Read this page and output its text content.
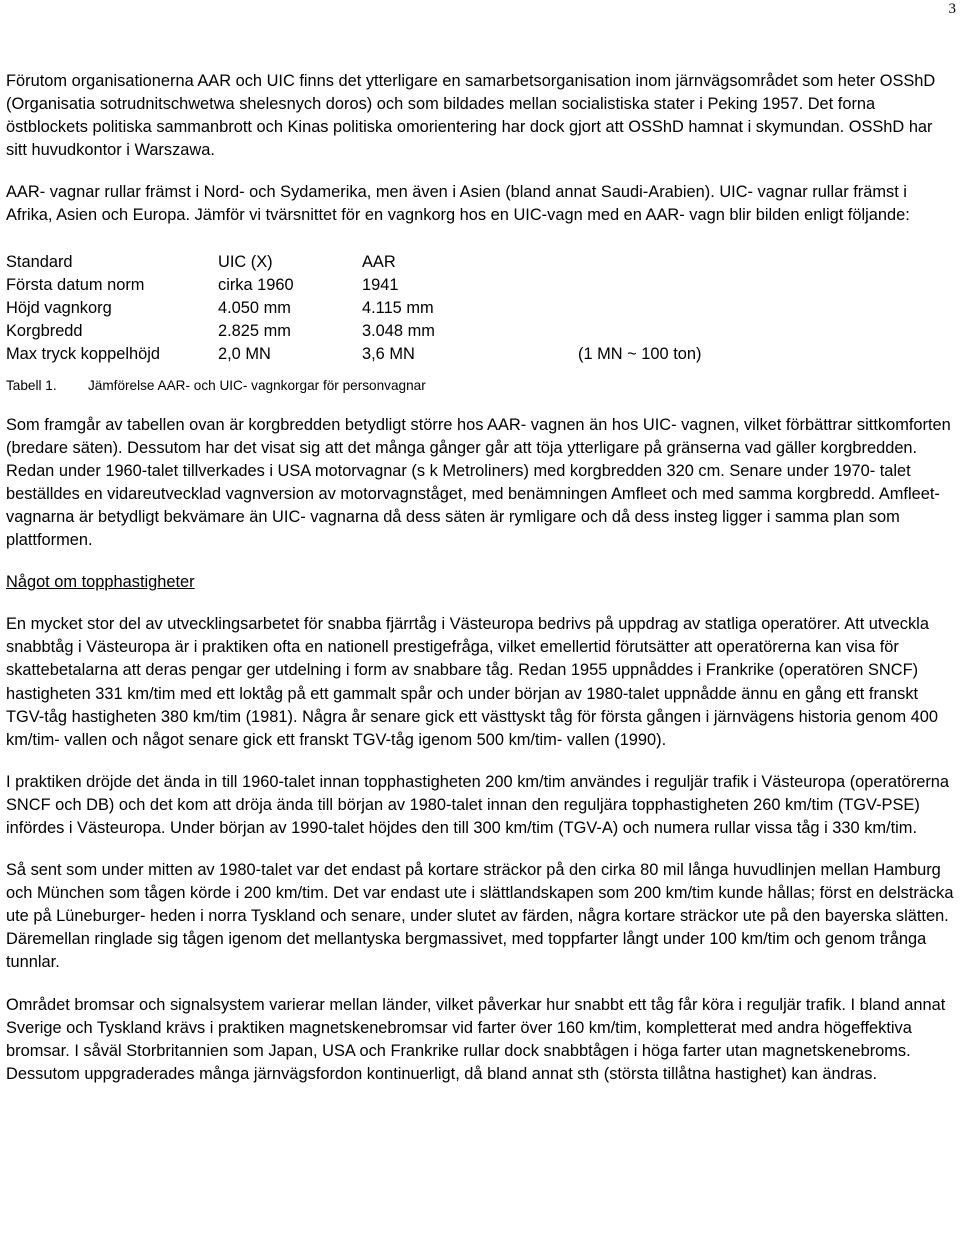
3

Förutom organisationerna AAR och UIC finns det ytterligare en samarbetsorganisation inom järnvägsområdet som heter OSShD (Organisatia sotrudnitschwetwa shelesnych doros) och som bildades mellan socialistiska stater i Peking 1957. Det forna östblockets politiska sammanbrott och Kinas politiska omorientering har dock gjort att OSShD hamnat i skymundan. OSShD har sitt huvudkontor i Warszawa.

AAR- vagnar rullar främst i Nord- och Sydamerika, men även i Asien (bland annat Saudi-Arabien). UIC- vagnar rullar främst i Afrika, Asien och Europa. Jämför vi tvärsnittet för en vagnkorg hos en UIC-vagn med en AAR- vagn blir bilden enligt följande:

Standard	UIC (X)	AAR	
Första datum norm	cirka 1960	1941	
Höjd vagnkorg	4.050 mm	4.115 mm	
Korgbredd	2.825 mm	3.048 mm	
Max tryck koppelhöjd	2,0 MN	3,6 MN	(1 MN ~ 100 ton)
Tabell 1. Jämförelse AAR- och UIC- vagnkorgar för personvagnar

Som framgår av tabellen ovan är korgbredden betydligt större hos AAR- vagnen än hos UIC- vagnen, vilket förbättrar sittkomforten (bredare säten). Dessutom har det visat sig att det många gånger går att töja ytterligare på gränserna vad gäller korgbredden. Redan under 1960-talet tillverkades i USA motorvagnar (s k Metroliners) med korgbredden 320 cm. Senare under 1970- talet beställdes en vidareutvecklad vagnversion av motorvagnståget, med benämningen Amfleet och med samma korgbredd. Amfleet-vagnarna är betydligt bekvämare än UIC- vagnarna då dess säten är rymligare och då dess insteg ligger i samma plan som plattformen.

Något om topphastigheter

En mycket stor del av utvecklingsarbetet för snabba fjärrtåg i Västeuropa bedrivs på uppdrag av statliga operatörer. Att utveckla snabbtåg i Västeuropa är i praktiken ofta en nationell prestigefråga, vilket emellertid förutsätter att operatörerna kan visa för skattebetalarna att deras pengar ger utdelning i form av snabbare tåg. Redan 1955 uppnåddes i Frankrike (operatören SNCF) hastigheten 331 km/tim med ett loktåg på ett gammalt spår och under början av 1980-talet uppnådde ännu en gång ett franskt TGV-tåg hastigheten 380 km/tim (1981). Några år senare gick ett västtyskt tåg för första gången i järnvägens historia genom 400 km/tim- vallen och något senare gick ett franskt TGV-tåg igenom 500 km/tim- vallen (1990).

I praktiken dröjde det ända in till 1960-talet innan topphastigheten 200 km/tim användes i reguljär trafik i Västeuropa (operatörerna SNCF och DB) och det kom att dröja ända till början av 1980-talet innan den reguljära topphastigheten 260 km/tim (TGV-PSE) infördes i Västeuropa. Under början av 1990-talet höjdes den till 300 km/tim (TGV-A) och numera rullar vissa tåg i 330 km/tim.

Så sent som under mitten av 1980-talet var det endast på kortare sträckor på den cirka 80 mil långa huvudlinjen mellan Hamburg och München som tågen körde i 200 km/tim. Det var endast ute i slättlandskapen som 200 km/tim kunde hållas; först en delsträcka ute på Lüneburger- heden i norra Tyskland och senare, under slutet av färden, några kortare sträckor ute på den bayerska slätten. Däremellan ringlade sig tågen igenom det mellantyska bergmassivet, med toppfarter långt under 100 km/tim och genom trånga tunnlar.

Området bromsar och signalsystem varierar mellan länder, vilket påverkar hur snabbt ett tåg får köra i reguljär trafik. I bland annat Sverige och Tyskland krävs i praktiken magnetskenebromsar vid farter över 160 km/tim, kompletterat med andra högeffektiva bromsar. I såväl Storbritannien som Japan, USA och Frankrike rullar dock snabbtågen i höga farter utan magnetskenebroms. Dessutom uppgraderades många järnvägsfordon kontinuerligt, då bland annat sth (största tillåtna hastighet) kan ändras.
